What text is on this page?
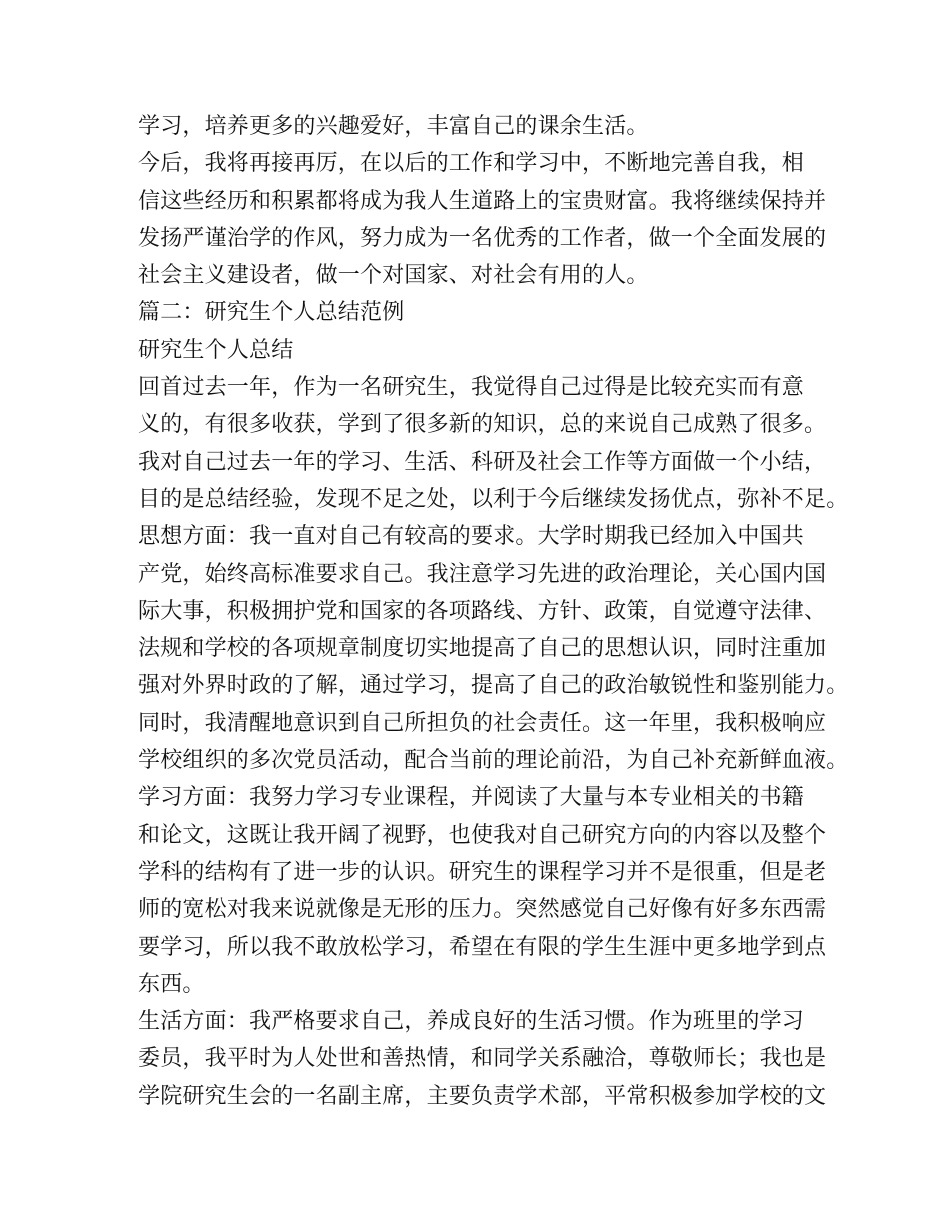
学习，培养更多的兴趣爱好，丰富自己的课余生活。
今后，我将再接再厉，在以后的工作和学习中，不断地完善自我，相
信这些经历和积累都将成为我人生道路上的宝贵财富。我将继续保持并
发扬严谨治学的作风，努力成为一名优秀的工作者，做一个全面发展的
社会主义建设者，做一个对国家、对社会有用的人。
篇二：研究生个人总结范例
研究生个人总结
回首过去一年，作为一名研究生，我觉得自己过得是比较充实而有意
义的，有很多收获，学到了很多新的知识，总的来说自己成熟了很多。
我对自己过去一年的学习、生活、科研及社会工作等方面做一个小结，
目的是总结经验，发现不足之处，以利于今后继续发扬优点，弥补不足。
思想方面：我一直对自己有较高的要求。大学时期我已经加入中国共
产党，始终高标准要求自己。我注意学习先进的政治理论，关心国内国
际大事，积极拥护党和国家的各项路线、方针、政策，自觉遵守法律、
法规和学校的各项规章制度切实地提高了自己的思想认识，同时注重加
强对外界时政的了解，通过学习，提高了自己的政治敏锐性和鉴别能力。
同时，我清醒地意识到自己所担负的社会责任。这一年里，我积极响应
学校组织的多次党员活动，配合当前的理论前沿，为自己补充新鲜血液。
学习方面：我努力学习专业课程，并阅读了大量与本专业相关的书籍
和论文，这既让我开阔了视野，也使我对自己研究方向的内容以及整个
学科的结构有了进一步的认识。研究生的课程学习并不是很重，但是老
师的宽松对我来说就像是无形的压力。突然感觉自己好像有好多东西需
要学习，所以我不敢放松学习，希望在有限的学生生涯中更多地学到点
东西。
生活方面：我严格要求自己，养成良好的生活习惯。作为班里的学习
委员，我平时为人处世和善热情，和同学关系融洽，尊敬师长；我也是
学院研究生会的一名副主席，主要负责学术部，平常积极参加学校的文
